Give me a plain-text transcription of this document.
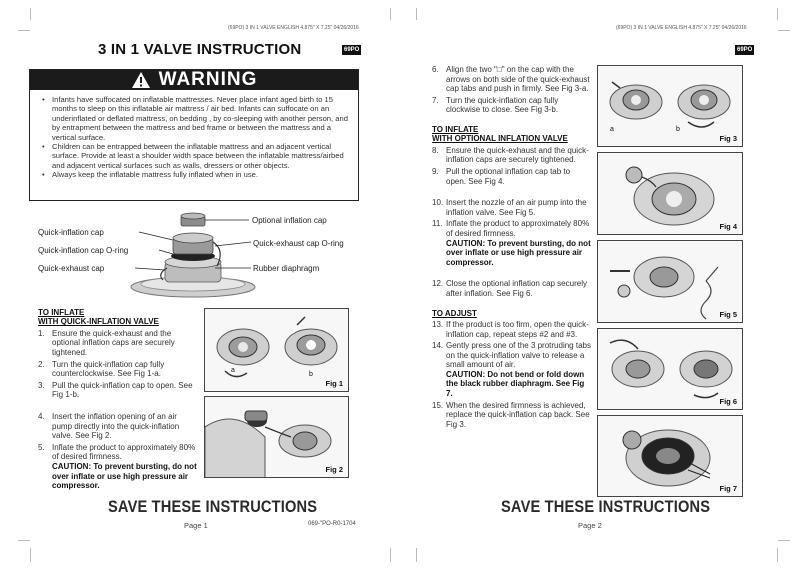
(69PO) 3 IN 1 VALVE ENGLISH 4.875" X 7.25" 04/26/2016
3 IN 1 VALVE INSTRUCTION	69PO
WARNING
• Infants have suffocated on inflatable mattresses. Never place infant aged birth to 15 months to sleep on this inflatable air mattress / air bed. Infants can suffocate on an underinflated or deflated mattress, on bedding , by co-sleeping with another person, and by entrapment between the mattress and bed frame or between the mattress and a vertical surface.
• Children can be entrapped between the inflatable mattress and an adjacent vertical surface. Provide at least a shoulder width space between the inflatable mattress/airbed and adjacent vertical surfaces such as walls, dressers or other objects.
• Always keep the inflatable mattress fully inflated when in use.
Optional inflation cap
Quick-inflation cap
Quick-inflation cap O-ring
Quick-exhaust cap O-ring
Quick-exhaust cap	Rubber diaphragm
TO INFLATE
WITH QUICK-INFLATION VALVE
1. Ensure the quick-exhaust and the optional inflation caps are securely tightened.
2. Turn the quick-inflation cap fully counterclockwise. See Fig 1-a.
3. Pull the quick-inflation cap to open. See Fig 1-b.
4. Insert the inflation opening of an air pump directly into the quick-inflation valve. See Fig 2.
5. Inflate the product to approximately 80% of desired firmness.
CAUTION: To prevent bursting, do not over inflate or use high pressure air compressor.
a
b
Fig 1
Fig 2
SAVE THESE INSTRUCTIONS
Page 1	069-"PO-R0-1704
(69PO) 3 IN 1 VALVE ENGLISH 4.875" X 7.25" 04/26/2016
69PO
6. Align the two "□" on the cap with the arrows on both side of the quick-exhaust cap tabs and push in firmly. See Fig 3-a.
7. Turn the quick-inflation cap fully clockwise to close. See Fig 3-b.
TO INFLATE
WITH OPTIONAL INFLATION VALVE
8. Ensure the quick-exhaust and the quick-inflation caps are securely tightened.
9. Pull the optional inflation cap tab to open. See Fig 4.
10. Insert the nozzle of an air pump into the inflation valve. See Fig 5.
11. Inflate the product to approximately 80% of desired firmness.
CAUTION: To prevent bursting, do not over inflate or use high pressure air compressor.
12. Close the optional inflation cap securely after inflation. See Fig 6.
TO ADJUST
13. If the product is too firm, open the quick-inflation cap, repeat steps #2 and #3.
14. Gently press one of the 3 protruding tabs on the quick-inflation valve to release a small amount of air.
CAUTION: Do not bend or fold down the black rubber diaphragm. See Fig 7.
15. When the desired firmness is achieved, replace the quick-inflation cap back. See Fig 3.
a	b
Fig 3
Fig 4
Fig 5
Fig 6
Fig 7
SAVE THESE INSTRUCTIONS
Page 2
